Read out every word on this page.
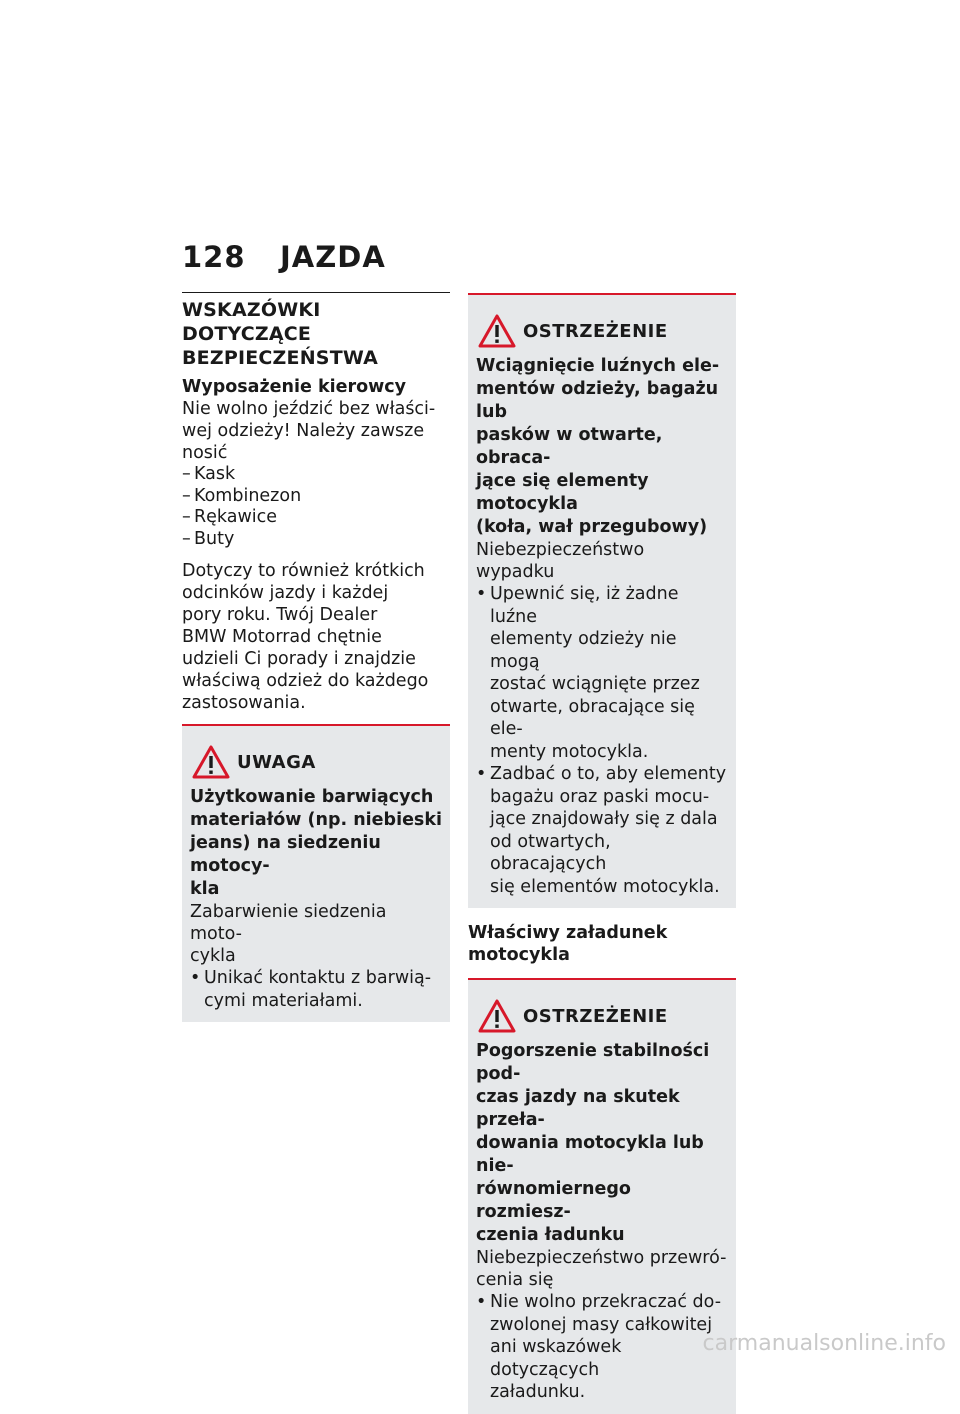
128 JAZDA
WSKAZÓWKI DOTYCZĄCE
BEZPIECZEŃSTWA

Wyposażenie kierowcy

Nie wolno jeździć bez właści-
wej odzieży! Należy zawsze
nosić
– Kask
– Kombinezon
– Rękawice
– Buty
Dotyczy to również krótkich
odcinków jazdy i każdej
pory roku. Twój Dealer
BMW Motorrad chętnie
udzieli Ci porady i znajdzie
właściwą odzież do każdego
zastosowania.
UWAGA
Użytkowanie barwiących
materiałów (np. niebieski
jeans) na siedzeniu motocy-
kla
Zabarwienie siedzenia moto-
cykla
• Unikać kontaktu z barwią-
cymi materiałami.
OSTRZEŻENIE
Wciągnięcie luźnych ele-
mentów odzieży, bagażu lub
pasków w otwarte, obraca-
jące się elementy motocykla
(koła, wał przegubowy)
Niebezpieczeństwo wypadku
• Upewnić się, iż żadne luźne
elementy odzieży nie mogą
zostać wciągnięte przez
otwarte, obracające się ele-
menty motocykla.
• Zadbać o to, aby elementy
bagażu oraz paski mocu-
jące znajdowały się z dala
od otwartych, obracających
się elementów motocykla.
Właściwy załadunek
motocykla
OSTRZEŻENIE
Pogorszenie stabilności pod-
czas jazdy na skutek przeła-
dowania motocykla lub nie-
równomiernego rozmiesz-
czenia ładunku
Niebezpieczeństwo przewró-
cenia się
• Nie wolno przekraczać do-
zwolonej masy całkowitej
ani wskazówek dotyczących
załadunku.
carmanualsonline.info
